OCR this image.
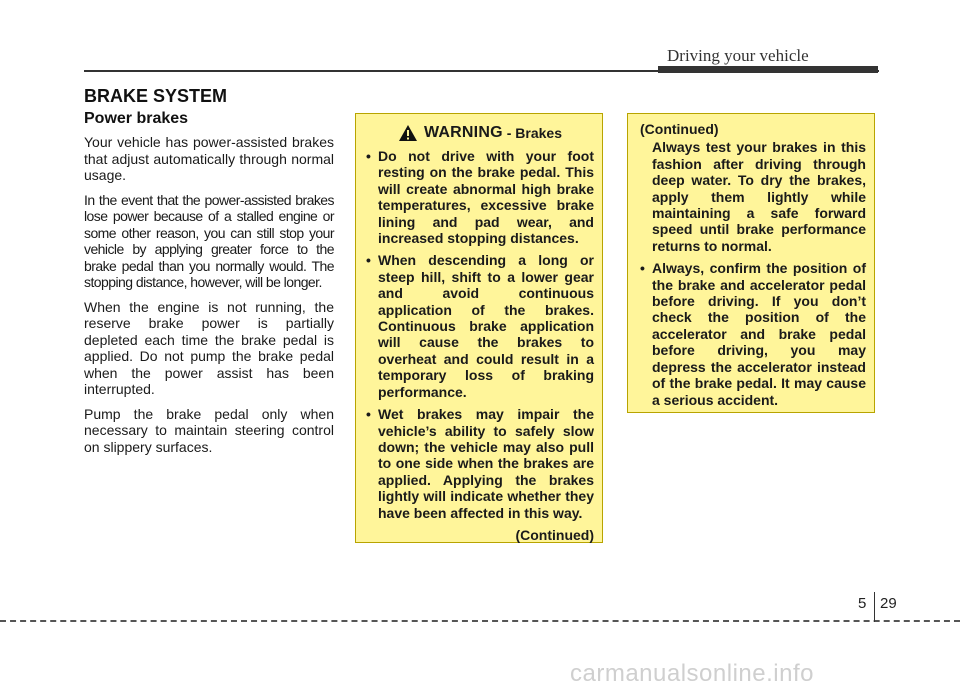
Driving your vehicle
BRAKE SYSTEM
Power brakes

Your vehicle has power-assisted brakes that adjust automatically through normal usage.

In the event that the power-assisted brakes lose power because of a stalled engine or some other reason, you can still stop your vehicle by applying greater force to the brake pedal than you normally would. The stopping distance, however, will be longer.

When the engine is not running, the reserve brake power is partially depleted each time the brake pedal is applied. Do not pump the brake pedal when the power assist has been interrupted.

Pump the brake pedal only when necessary to maintain steering control on slippery surfaces.

WARNING - Brakes
• Do not drive with your foot resting on the brake pedal. This will create abnormal high brake temperatures, excessive brake lining and pad wear, and increased stopping distances.
• When descending a long or steep hill, shift to a lower gear and avoid continuous application of the brakes. Continuous brake application will cause the brakes to overheat and could result in a temporary loss of braking performance.
• Wet brakes may impair the vehicle’s ability to safely slow down; the vehicle may also pull to one side when the brakes are applied. Applying the brakes lightly will indicate whether they have been affected in this way.
(Continued)
(Continued)
Always test your brakes in this fashion after driving through deep water. To dry the brakes, apply them lightly while maintaining a safe forward speed until brake performance returns to normal.
• Always, confirm the position of the brake and accelerator pedal before driving. If you don’t check the position of the accelerator and brake pedal before driving, you may depress the accelerator instead of the brake pedal. It may cause a serious accident.
5 29
carmanualsonline.info
